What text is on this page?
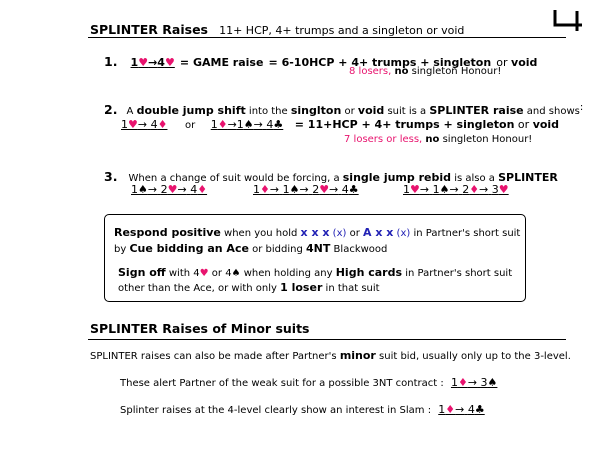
SPLINTER Raises 11+ HCP, 4+ trumps and a singleton or void
1. 1♥→4♥ = GAME raise = 6-10HCP + 4+ trumps + singleton or void
8 losers, no singleton Honour!
2. A double jump shift into the singlton or void suit is a SPLINTER raise and shows:
1♥→ 4♦ or 1♦→1♠→ 4♣ = 11+HCP + 4+ trumps + singleton or void
7 losers or less, no singleton Honour!
3. When a change of suit would be forcing, a single jump rebid is also a SPLINTER
1♠→ 2♥→ 4♦	1♦→ 1♠→ 2♥→ 4♣	1♥→ 1♠→ 2♦→ 3♥
Respond positive when you hold x x x (x) or A x x (x) in Partner's short suit
by Cue bidding an Ace or bidding 4NT Blackwood
Sign off with 4♥ or 4♠ when holding any High cards in Partner's short suit
other than the Ace, or with only 1 loser in that suit
SPLINTER Raises of Minor suits
SPLINTER raises can also be made after Partner's minor suit bid, usually only up to the 3-level.
These alert Partner of the weak suit for a possible 3NT contract : 1♦→ 3♠
Splinter raises at the 4-level clearly show an interest in Slam : 1♦→ 4♣
